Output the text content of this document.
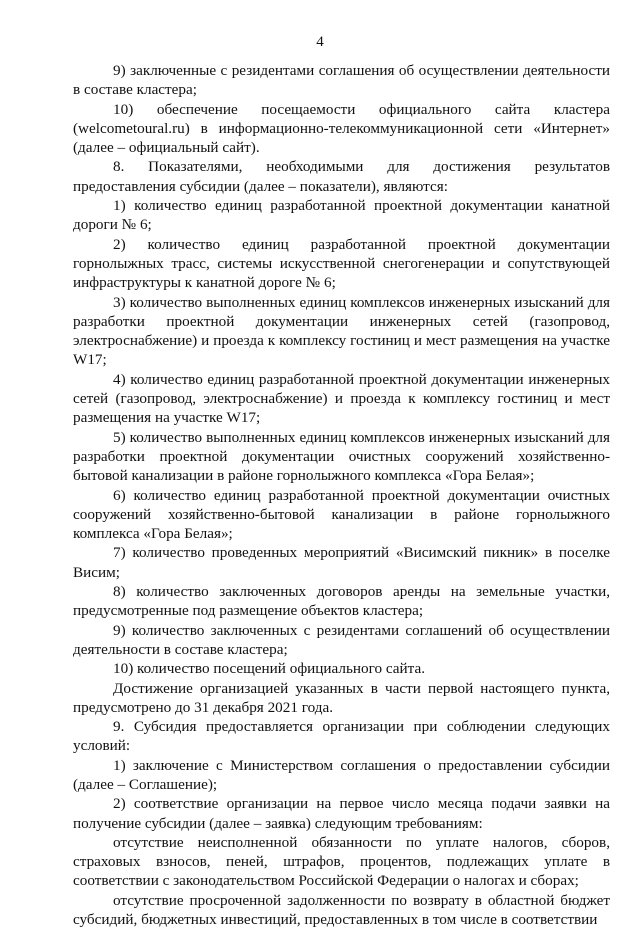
4

9) заключенные с резидентами соглашения об осуществлении деятельности в составе кластера;

10) обеспечение посещаемости официального сайта кластера (welcometoural.ru) в информационно-телекоммуникационной сети «Интернет» (далее – официальный сайт).

8. Показателями, необходимыми для достижения результатов предоставления субсидии (далее – показатели), являются:

1) количество единиц разработанной проектной документации канатной дороги № 6;

2) количество единиц разработанной проектной документации горнолыжных трасс, системы искусственной снегогенерации и сопутствующей инфраструктуры к канатной дороге № 6;

3) количество выполненных единиц комплексов инженерных изысканий для разработки проектной документации инженерных сетей (газопровод, электроснабжение) и проезда к комплексу гостиниц и мест размещения на участке W17;

4) количество единиц разработанной проектной документации инженерных сетей (газопровод, электроснабжение) и проезда к комплексу гостиниц и мест размещения на участке W17;

5) количество выполненных единиц комплексов инженерных изысканий для разработки проектной документации очистных сооружений хозяйственно-бытовой канализации в районе горнолыжного комплекса «Гора Белая»;

6) количество единиц разработанной проектной документации очистных сооружений хозяйственно-бытовой канализации в районе горнолыжного комплекса «Гора Белая»;

7) количество проведенных мероприятий «Висимский пикник» в поселке Висим;

8) количество заключенных договоров аренды на земельные участки, предусмотренные под размещение объектов кластера;

9) количество заключенных с резидентами соглашений об осуществлении деятельности в составе кластера;

10) количество посещений официального сайта.

Достижение организацией указанных в части первой настоящего пункта, предусмотрено до 31 декабря 2021 года.

9. Субсидия предоставляется организации при соблюдении следующих условий:

1) заключение с Министерством соглашения о предоставлении субсидии (далее – Соглашение);

2) соответствие организации на первое число месяца подачи заявки на получение субсидии (далее – заявка) следующим требованиям:

отсутствие неисполненной обязанности по уплате налогов, сборов, страховых взносов, пеней, штрафов, процентов, подлежащих уплате в соответствии с законодательством Российской Федерации о налогах и сборах;

отсутствие просроченной задолженности по возврату в областной бюджет субсидий, бюджетных инвестиций, предоставленных в том числе в соответствии
